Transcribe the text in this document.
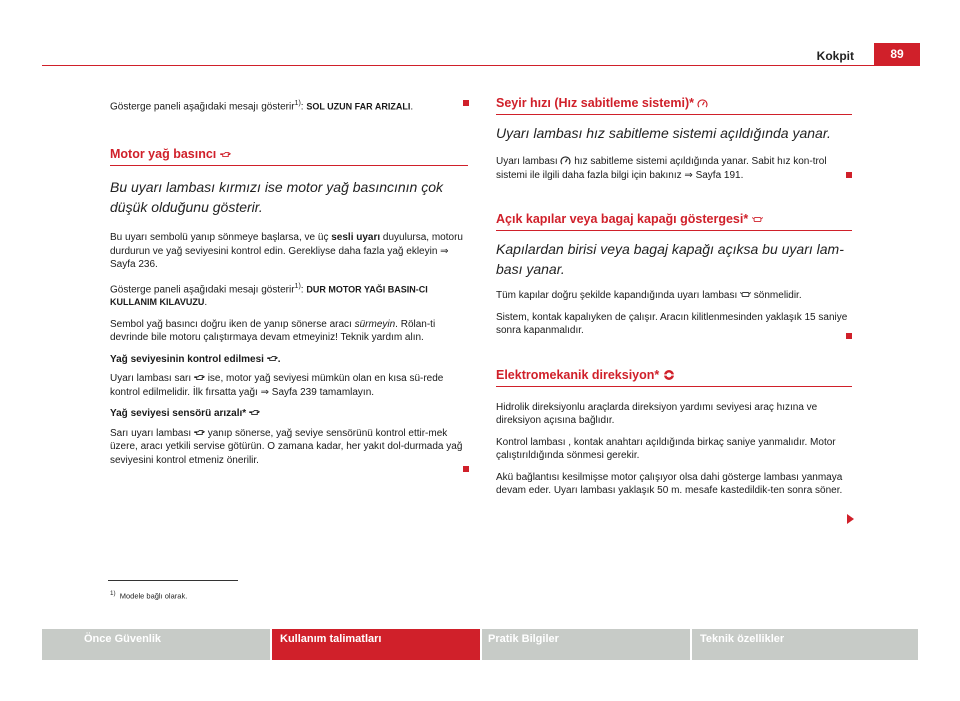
Kokpit	89

Gösterge paneli aşağıdaki mesajı gösterir$^{1)}$: SOL UZUN FAR ARIZALI.

Motor yağ basıncı
Bu uyarı lambası kırmızı ise motor yağ basıncının çok düşük olduğunu gösterir.

Bu uyarı sembolü yanıp sönmeye başlarsa, ve üç sesli uyarı duyulursa, motoru durdurun ve yağ seviyesini kontrol edin. Gerekliyse daha fazla yağ ekleyin ⇒ Sayfa 236.

Gösterge paneli aşağıdaki mesajı gösterir$^{1)}$: DUR MOTOR YAĞI BASIN-CI KULLANIM KILAVUZU.

Sembol yağ basıncı doğru iken de yanıp sönerse aracı sürmeyin. Rölan-ti devrinde bile motoru çalıştırmaya devam etmeyiniz! Teknik yardım alın.

Yağ seviyesinin kontrol edilmesi .

Uyarı lambası sarı  ise, motor yağ seviyesi mümkün olan en kısa sü-rede kontrol edilmelidir. İlk fırsatta yağı ⇒ Sayfa 239 tamamlayın.

Yağ seviyesi sensörü arızalı*

Sarı uyarı lambası  yanıp sönerse, yağ seviye sensörünü kontrol ettir-mek üzere, aracı yetkili servise götürün. O zamana kadar, her yakıt dol-durmada yağ seviyesini kontrol etmeniz önerilir.

Seyir hızı (Hız sabitleme sistemi)*
Uyarı lambası hız sabitleme sistemi açıldığında yanar.

Uyarı lambası  hız sabitleme sistemi açıldığında yanar. Sabit hız kon-trol sistemi ile ilgili daha fazla bilgi için bakınız ⇒ Sayfa 191.

Açık kapılar veya bagaj kapağı göstergesi*
Kapılardan birisi veya bagaj kapağı açıksa bu uyarı lam-bası yanar.

Tüm kapılar doğru şekilde kapandığında uyarı lambası  sönmelidir.

Sistem, kontak kapalıyken de çalışır. Aracın kilitlenmesinden yaklaşık 15 saniye sonra kapanmalıdır.

Elektromekanik direksiyon*

Hidrolik direksiyonlu araçlarda direksiyon yardımı seviyesi araç hızına ve direksiyon açısına bağlıdır.

Kontrol lambası , kontak anahtarı açıldığında birkaç saniye yanmalıdır. Motor çalıştırıldığında sönmesi gerekir.

Akü bağlantısı kesilmişse motor çalışıyor olsa dahi gösterge lambası yanmaya devam eder. Uyarı lambası yaklaşık 50 m. mesafe kastedildik-ten sonra söner.

$^{1)}$ Modele bağlı olarak.
Önce Güvenlik	Kullanım talimatları	Pratik Bilgiler	Teknik özellikler
